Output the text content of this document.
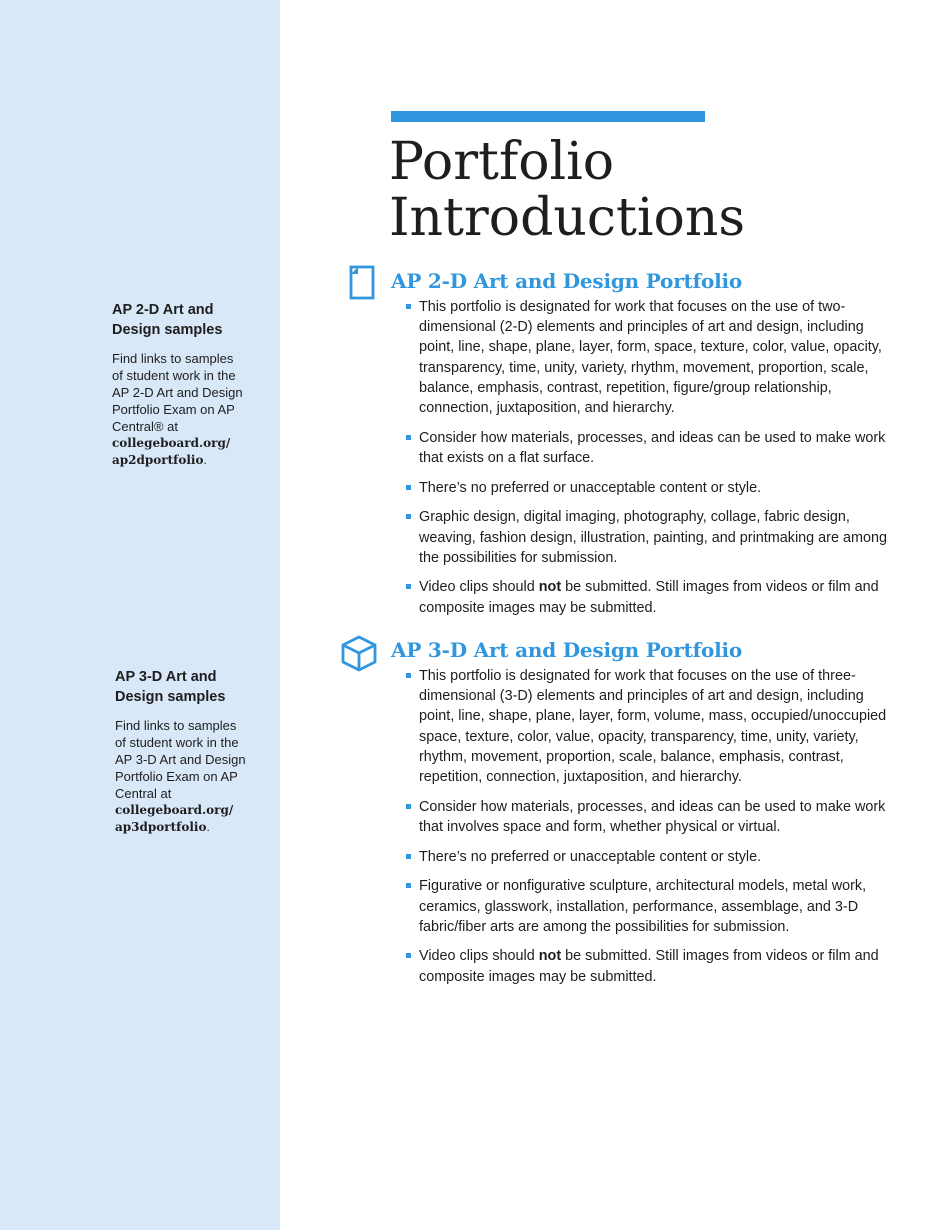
AP 2-D Art and Design samples

Find links to samples of student work in the AP 2-D Art and Design Portfolio Exam on AP Central® at
collegeboard.org/
ap2dportfolio.

AP 3-D Art and Design samples

Find links to samples of student work in the AP 3-D Art and Design Portfolio Exam on AP Central at
collegeboard.org/
ap3dportfolio.

Portfolio
Introductions
AP 2-D Art and Design Portfolio
This portfolio is designated for work that focuses on the use of two-dimensional (2-D) elements and principles of art and design, including point, line, shape, plane, layer, form, space, texture, color, value, opacity, transparency, time, unity, variety, rhythm, movement, proportion, scale, balance, emphasis, contrast, repetition, figure/group relationship, connection, juxtaposition, and hierarchy.
Consider how materials, processes, and ideas can be used to make work that exists on a flat surface.
There’s no preferred or unacceptable content or style.
Graphic design, digital imaging, photography, collage, fabric design, weaving, fashion design, illustration, painting, and printmaking are among the possibilities for submission.
Video clips should not be submitted. Still images from videos or film and composite images may be submitted.
AP 3-D Art and Design Portfolio
This portfolio is designated for work that focuses on the use of three-dimensional (3-D) elements and principles of art and design, including point, line, shape, plane, layer, form, volume, mass, occupied/unoccupied space, texture, color, value, opacity, transparency, time, unity, variety, rhythm, movement, proportion, scale, balance, emphasis, contrast, repetition, connection, juxtaposition, and hierarchy.
Consider how materials, processes, and ideas can be used to make work that involves space and form, whether physical or virtual.
There’s no preferred or unacceptable content or style.
Figurative or nonfigurative sculpture, architectural models, metal work, ceramics, glasswork, installation, performance, assemblage, and 3-D fabric/fiber arts are among the possibilities for submission.
Video clips should not be submitted. Still images from videos or film and composite images may be submitted.
